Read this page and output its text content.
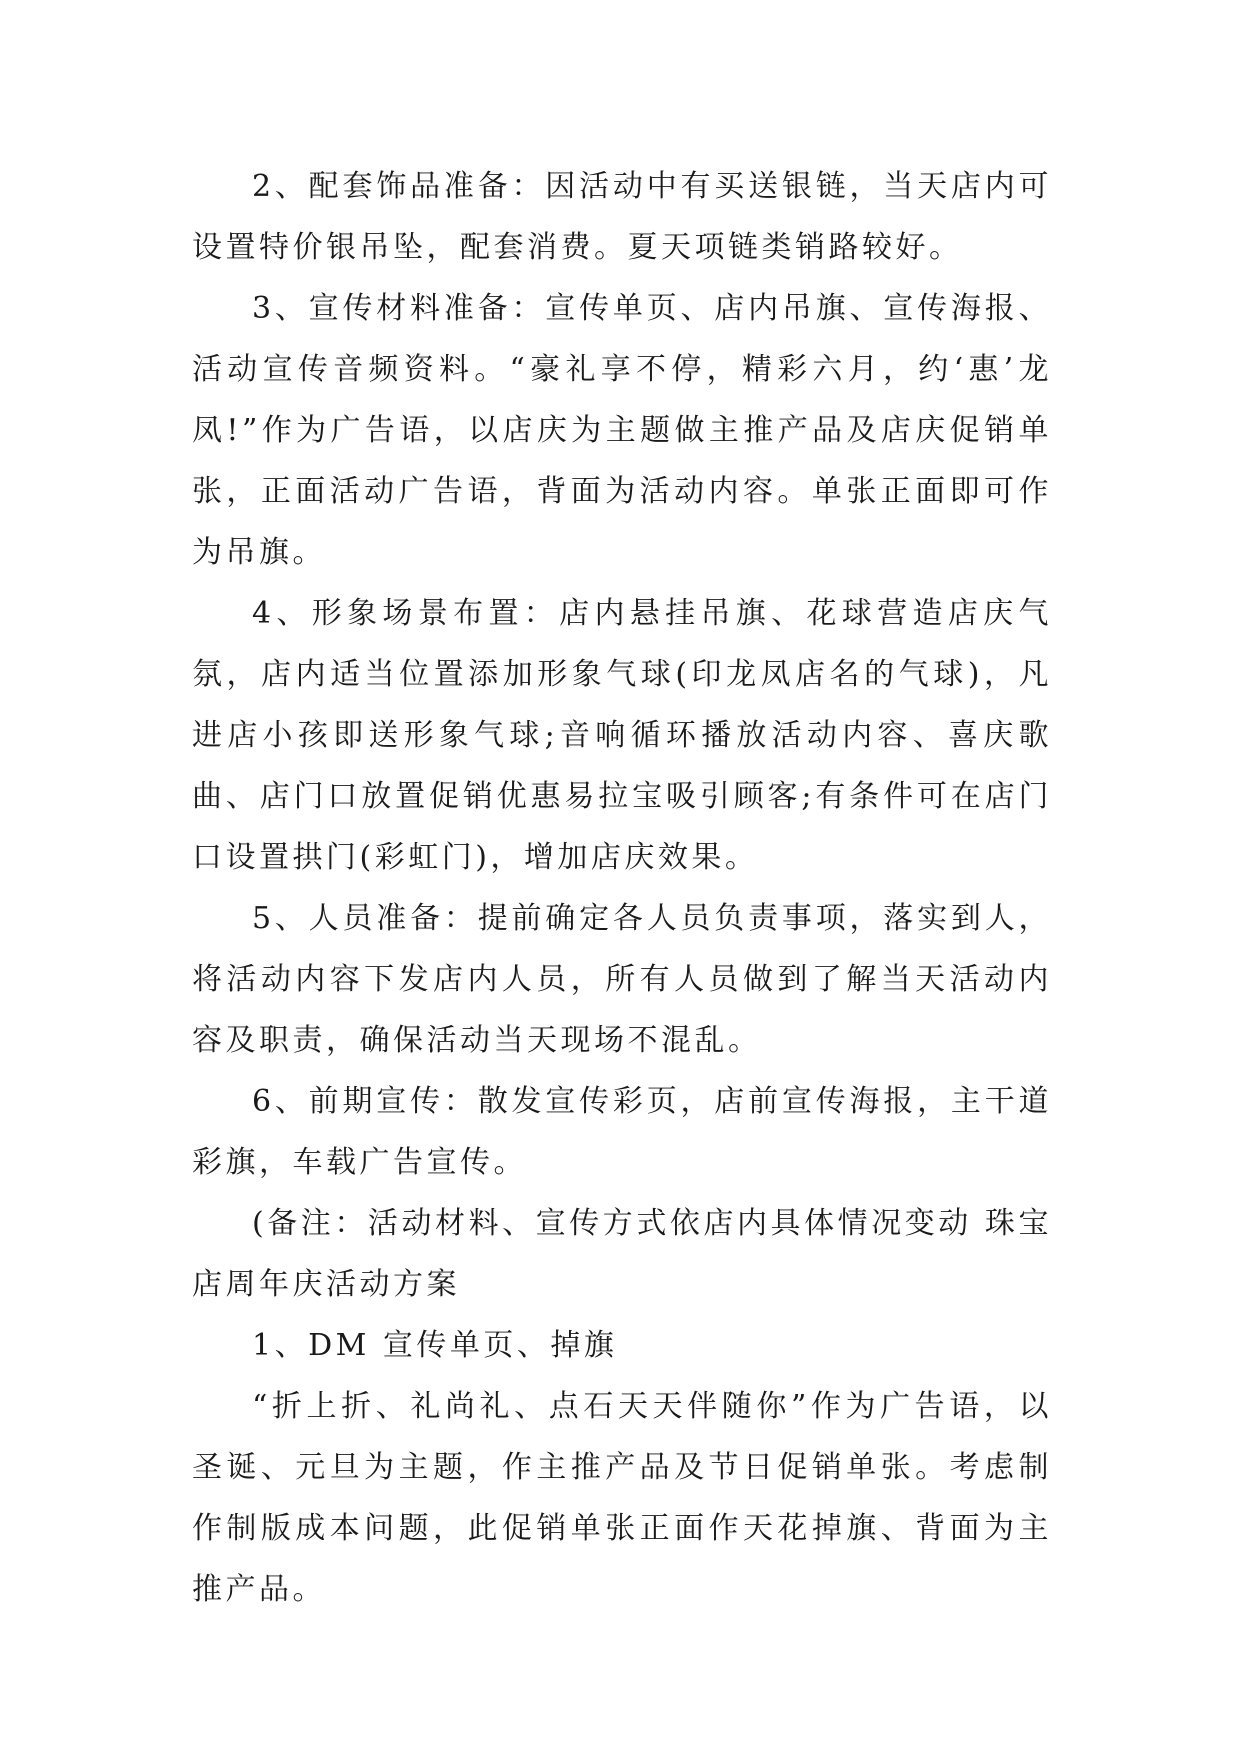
2、配套饰品准备：因活动中有买送银链，当天店内可设置特价银吊坠，配套消费。夏天项链类销路较好。

3、宣传材料准备：宣传单页、店内吊旗、宣传海报、活动宣传音频资料。“豪礼享不停，精彩六月，约‘惠’龙凤!”作为广告语，以店庆为主题做主推产品及店庆促销单张，正面活动广告语，背面为活动内容。单张正面即可作为吊旗。

4、形象场景布置：店内悬挂吊旗、花球营造店庆气氛，店内适当位置添加形象气球(印龙凤店名的气球)，凡进店小孩即送形象气球;音响循环播放活动内容、喜庆歌曲、店门口放置促销优惠易拉宝吸引顾客;有条件可在店门口设置拱门(彩虹门)，增加店庆效果。

5、人员准备：提前确定各人员负责事项，落实到人，将活动内容下发店内人员，所有人员做到了解当天活动内容及职责，确保活动当天现场不混乱。

6、前期宣传：散发宣传彩页，店前宣传海报，主干道彩旗，车载广告宣传。

(备注：活动材料、宣传方式依店内具体情况变动 珠宝店周年庆活动方案

1、DM 宣传单页、掉旗

“折上折、礼尚礼、点石天天伴随你”作为广告语，以圣诞、元旦为主题，作主推产品及节日促销单张。考虑制作制版成本问题，此促销单张正面作天花掉旗、背面为主推产品。
